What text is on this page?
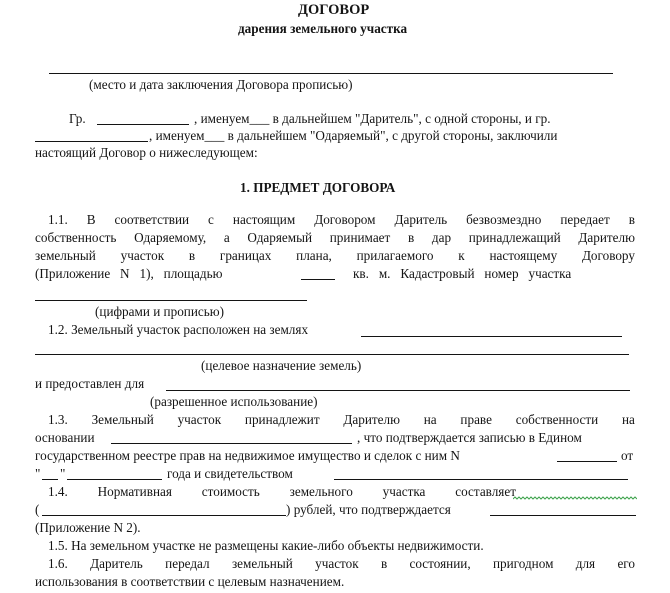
ДОГОВОР
дарения земельного участка
(место и дата заключения Договора прописью)
Гр.	, именуем___ в дальнейшем "Даритель", с одной стороны, и гр.
, именуем___ в дальнейшем "Одаряемый", с другой стороны, заключили
настоящий Договор о нижеследующем:
1. ПРЕДМЕТ ДОГОВОРА
1.1. В соответствии с настоящим Договором Даритель безвозмездно передает в
собственность Одаряемому, а Одаряемый принимает в дар принадлежащий Дарителю
земельный участок в границах плана, прилагаемого к настоящему Договору
(Приложение   N   1),   площадью	кв.   м.   Кадастровый   номер   участка
(цифрами и прописью)
1.2. Земельный участок расположен на землях
(целевое назначение земель)
и предоставлен для
(разрешенное использование)
1.3. Земельный участок принадлежит Дарителю на праве собственности на
основании	, что подтверждается записью в Едином
государственном реестре прав на недвижимое имущество и сделок с ним N	от
" "	года и свидетельством
1.4. Нормативная стоимость земельного участка составляет
(	) рублей, что подтверждается
(Приложение N 2).
1.5. На земельном участке не размещены какие-либо объекты недвижимости.
1.6. Даритель передал земельный участок в состоянии, пригодном для его
использования в соответствии с целевым назначением.
